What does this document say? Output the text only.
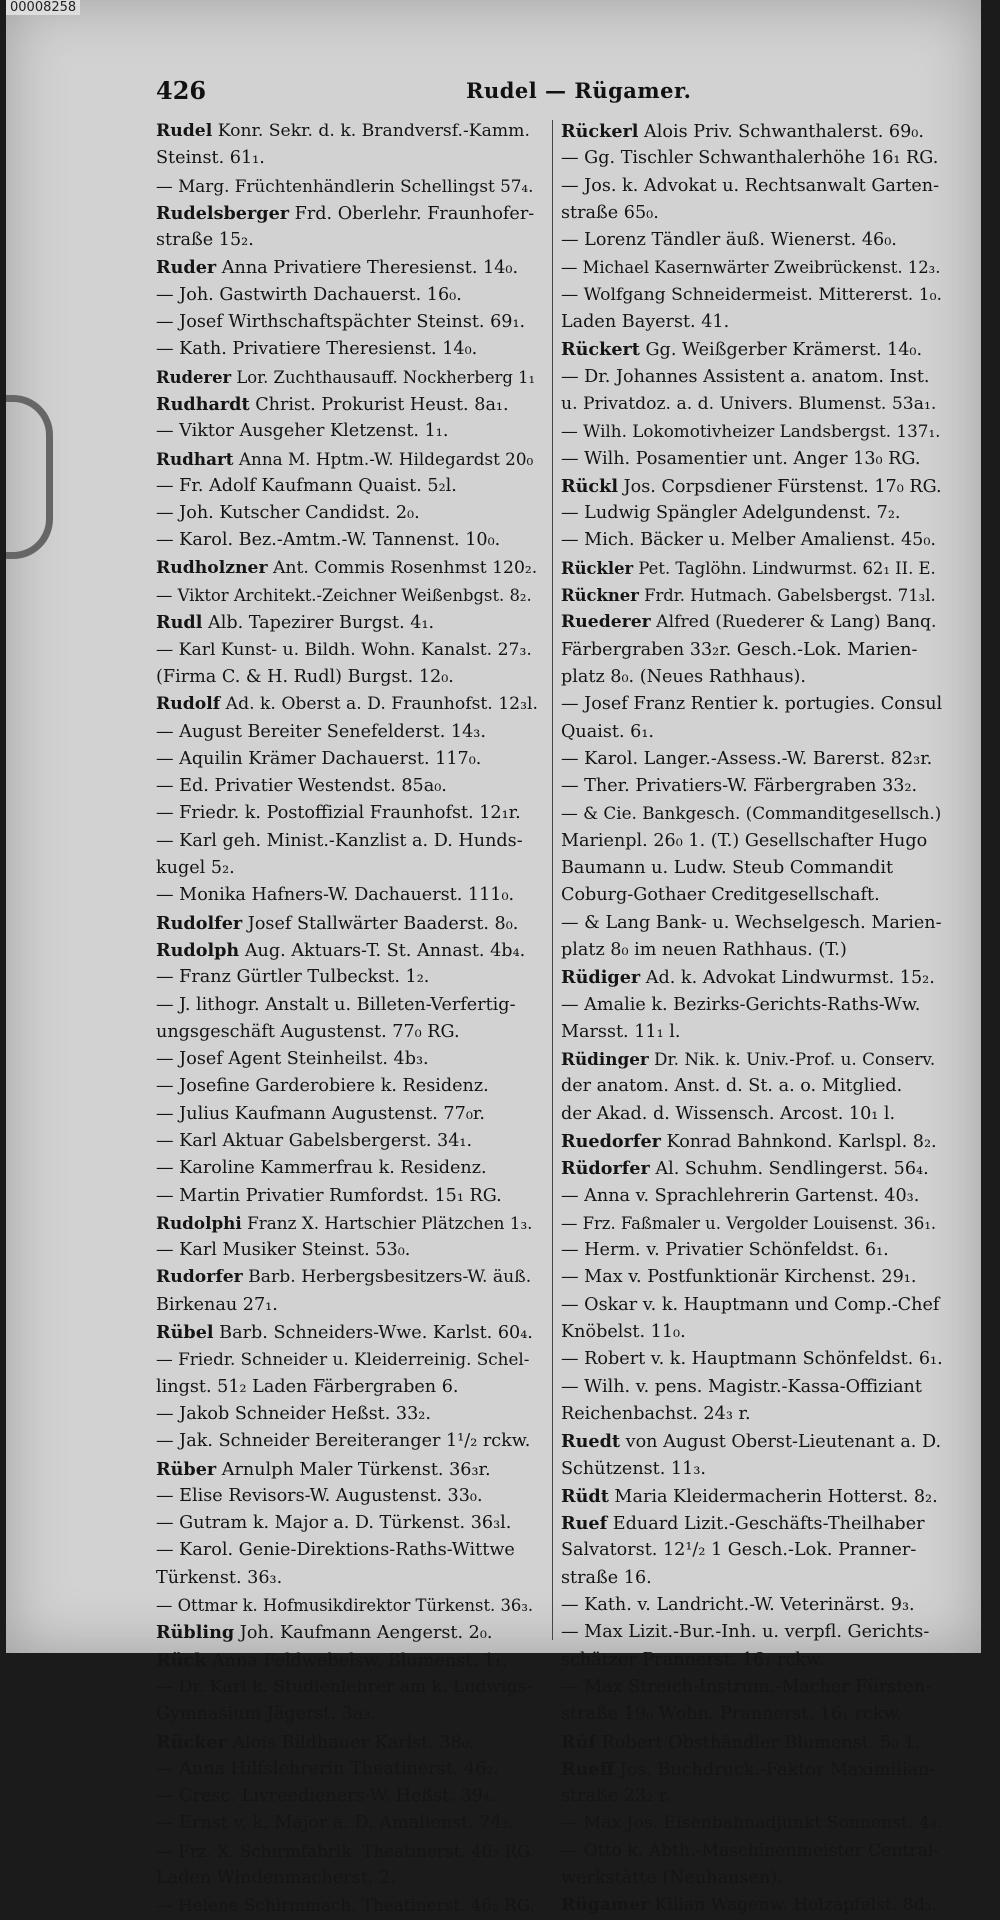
00008258
426	Rudel — Rügamer.
Rudel Konr. Sekr. d. k. Brandversf.-Kamm.
Steinst. 61₁.
— Marg. Früchtenhändlerin Schellingst 57₄.
Rudelsberger Frd. Oberlehr. Fraunhofer-
straße 15₂.
Ruder Anna Privatiere Theresienst. 14₀.
— Joh. Gastwirth Dachauerst. 16₀.
— Josef Wirthschaftspächter Steinst. 69₁.
— Kath. Privatiere Theresienst. 14₀.
Ruderer Lor. Zuchthausauff. Nockherberg 1₁
Rudhardt Christ. Prokurist Heust. 8a₁.
— Viktor Ausgeher Kletzenst. 1₁.
Rudhart Anna M. Hptm.-W. Hildegardst 20₀
— Fr. Adolf Kaufmann Quaist. 5₂l.
— Joh. Kutscher Candidst. 2₀.
— Karol. Bez.-Amtm.-W. Tannenst. 10₀.
Rudholzner Ant. Commis Rosenhmst 120₂.
— Viktor Architekt.-Zeichner Weißenbgst. 8₂.
Rudl Alb. Tapezirer Burgst. 4₁.
— Karl Kunst- u. Bildh. Wohn. Kanalst. 27₃.
(Firma C. & H. Rudl) Burgst. 12₀.
Rudolf Ad. k. Oberst a. D. Fraunhofst. 12₃l.
— August Bereiter Senefelderst. 14₃.
— Aquilin Krämer Dachauerst. 117₀.
— Ed. Privatier Westendst. 85a₀.
— Friedr. k. Postoffizial Fraunhofst. 12₁r.
— Karl geh. Minist.-Kanzlist a. D. Hunds-
kugel 5₂.
— Monika Hafners-W. Dachauerst. 111₀.
Rudolfer Josef Stallwärter Baaderst. 8₀.
Rudolph Aug. Aktuars-T. St. Annast. 4b₄.
— Franz Gürtler Tulbeckst. 1₂.
— J. lithogr. Anstalt u. Billeten-Verfertig-
ungsgeschäft Augustenst. 77₀ RG.
— Josef Agent Steinheilst. 4b₃.
— Josefine Garderobiere k. Residenz.
— Julius Kaufmann Augustenst. 77₀r.
— Karl Aktuar Gabelsbergerst. 34₁.
— Karoline Kammerfrau k. Residenz.
— Martin Privatier Rumfordst. 15₁ RG.
Rudolphi Franz X. Hartschier Plätzchen 1₃.
— Karl Musiker Steinst. 53₀.
Rudorfer Barb. Herbergsbesitzers-W. äuß.
Birkenau 27₁.
Rübel Barb. Schneiders-Wwe. Karlst. 60₄.
— Friedr. Schneider u. Kleiderreinig. Schel-
lingst. 51₂ Laden Färbergraben 6.
— Jakob Schneider Heßst. 33₂.
— Jak. Schneider Bereiteranger 1¹/₂ rckw.
Rüber Arnulph Maler Türkenst. 36₃r.
— Elise Revisors-W. Augustenst. 33₀.
— Gutram k. Major a. D. Türkenst. 36₃l.
— Karol. Genie-Direktions-Raths-Wittwe
Türkenst. 36₃.
— Ottmar k. Hofmusikdirektor Türkenst. 36₃.
Rübling Joh. Kaufmann Aengerst. 2₀.
Rück Anna Feldwebelsw. Blumenst. 1₁.
— Dr. Karl k. Studienlehrer am k. Ludwigs-
Gymnasium Jägerst. 3a₃.
Rücker Alois Bildhauer Karlst. 38₀.
— Anna Hilfslehrerin Theatinerst. 46₂.
— Cresc. Livreedieners-W. Heßst. 39₄.
— Ernst v. k. Major a. D. Amalienst. 74₂.
— Frz. X. Schirmfabrik. Theatinerst. 46₂ RG.
Laden Windenmacherst. 2.
— Helene Schirmmach. Theatinerst. 46₂ RG.
Rückerl Alois Priv. Schwanthalerst. 69₀.
— Gg. Tischler Schwanthalerhöhe 16₁ RG.
— Jos. k. Advokat u. Rechtsanwalt Garten-
straße 65₀.
— Lorenz Tändler äuß. Wienerst. 46₀.
— Michael Kasernwärter Zweibrückenst. 12₃.
— Wolfgang Schneidermeist. Mittererst. 1₀.
Laden Bayerst. 41.
Rückert Gg. Weißgerber Krämerst. 14₀.
— Dr. Johannes Assistent a. anatom. Inst.
u. Privatdoz. a. d. Univers. Blumenst. 53a₁.
— Wilh. Lokomotivheizer Landsbergst. 137₁.
— Wilh. Posamentier unt. Anger 13₀ RG.
Rückl Jos. Corpsdiener Fürstenst. 17₀ RG.
— Ludwig Spängler Adelgundenst. 7₂.
— Mich. Bäcker u. Melber Amalienst. 45₀.
Rückler Pet. Taglöhn. Lindwurmst. 62₁ II. E.
Rückner Frdr. Hutmach. Gabelsbergst. 71₃l.
Ruederer Alfred (Ruederer & Lang) Banq.
Färbergraben 33₂r. Gesch.-Lok. Marien-
platz 8₀. (Neues Rathhaus).
— Josef Franz Rentier k. portugies. Consul
Quaist. 6₁.
— Karol. Langer.-Assess.-W. Barerst. 82₃r.
— Ther. Privatiers-W. Färbergraben 33₂.
— & Cie. Bankgesch. (Commanditgesellsch.)
Marienpl. 26₀ 1. (T.) Gesellschafter Hugo
Baumann u. Ludw. Steub Commandit
Coburg-Gothaer Creditgesellschaft.
— & Lang Bank- u. Wechselgesch. Marien-
platz 8₀ im neuen Rathhaus. (T.)
Rüdiger Ad. k. Advokat Lindwurmst. 15₂.
— Amalie k. Bezirks-Gerichts-Raths-Ww.
Marsst. 11₁ l.
Rüdinger Dr. Nik. k. Univ.-Prof. u. Conserv.
der anatom. Anst. d. St. a. o. Mitglied.
der Akad. d. Wissensch. Arcost. 10₁ l.
Ruedorfer Konrad Bahnkond. Karlspl. 8₂.
Rüdorfer Al. Schuhm. Sendlingerst. 56₄.
— Anna v. Sprachlehrerin Gartenst. 40₃.
— Frz. Faßmaler u. Vergolder Louisenst. 36₁.
— Herm. v. Privatier Schönfeldst. 6₁.
— Max v. Postfunktionär Kirchenst. 29₁.
— Oskar v. k. Hauptmann und Comp.-Chef
Knöbelst. 11₀.
— Robert v. k. Hauptmann Schönfeldst. 6₁.
— Wilh. v. pens. Magistr.-Kassa-Offiziant
Reichenbachst. 24₃ r.
Ruedt von August Oberst-Lieutenant a. D.
Schützenst. 11₃.
Rüdt Maria Kleidermacherin Hotterst. 8₂.
Ruef Eduard Lizit.-Geschäfts-Theilhaber
Salvatorst. 12¹/₂ 1 Gesch.-Lok. Pranner-
straße 16.
— Kath. v. Landricht.-W. Veterinärst. 9₃.
— Max Lizit.-Bur.-Inh. u. verpfl. Gerichts-
schätzer Prannerst. 16₁ rckw.
— Max Streich-Instrum.-Macher Fürsten-
straße 19₀ Wohn. Prannerst. 16₁ rckw.
Rüf Robert Obsthändler Blumenst. 5₀ 1.
Rueff Jos. Buchdruck.-Faktor Maximilian-
straße 23₂ r.
— Max Jos. Eisenbahnadjunkt Sonnenst. 4₄.
— Otto k. Abth.-Maschinenmeister Central-
werkstätte (Neuhausen).
Rügamer Kilian Wagenw. Holzapfelst. 8d₃.
